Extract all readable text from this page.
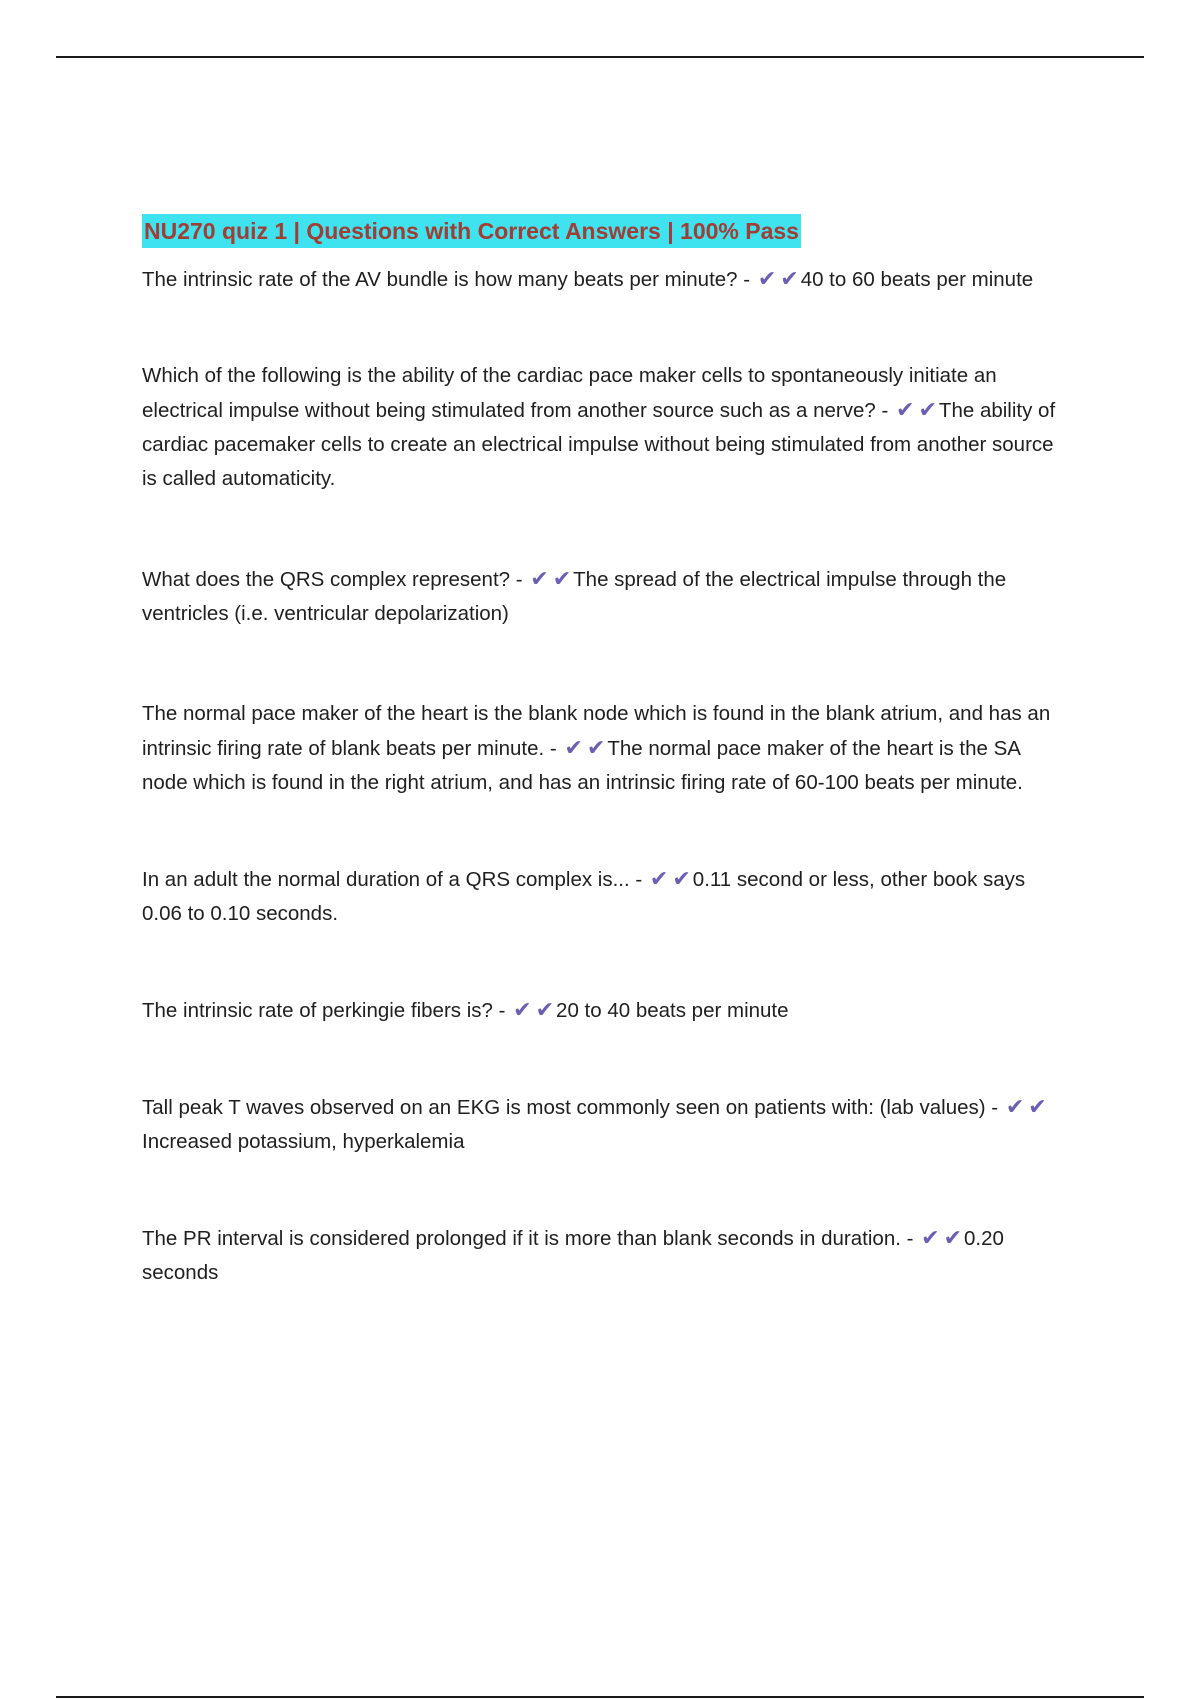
NU270 quiz 1 | Questions with Correct Answers | 100% Pass

The intrinsic rate of the AV bundle is how many beats per minute? - ✔ ✔40 to 60 beats per minute

Which of the following is the ability of the cardiac pace maker cells to spontaneously initiate an electrical impulse without being stimulated from another source such as a nerve? - ✔ ✔The ability of cardiac pacemaker cells to create an electrical impulse without being stimulated from another source is called automaticity.

What does the QRS complex represent? - ✔ ✔The spread of the electrical impulse through the ventricles (i.e. ventricular depolarization)

The normal pace maker of the heart is the blank node which is found in the blank atrium, and has an intrinsic firing rate of blank beats per minute. - ✔ ✔The normal pace maker of the heart is the SA node which is found in the right atrium, and has an intrinsic firing rate of 60-100 beats per minute.

In an adult the normal duration of a QRS complex is... - ✔ ✔0.11 second or less, other book says 0.06 to 0.10 seconds.

The intrinsic rate of perkingie fibers is? - ✔ ✔20 to 40 beats per minute

Tall peak T waves observed on an EKG is most commonly seen on patients with: (lab values) - ✔ ✔Increased potassium, hyperkalemia

The PR interval is considered prolonged if it is more than blank seconds in duration. - ✔ ✔0.20 seconds
